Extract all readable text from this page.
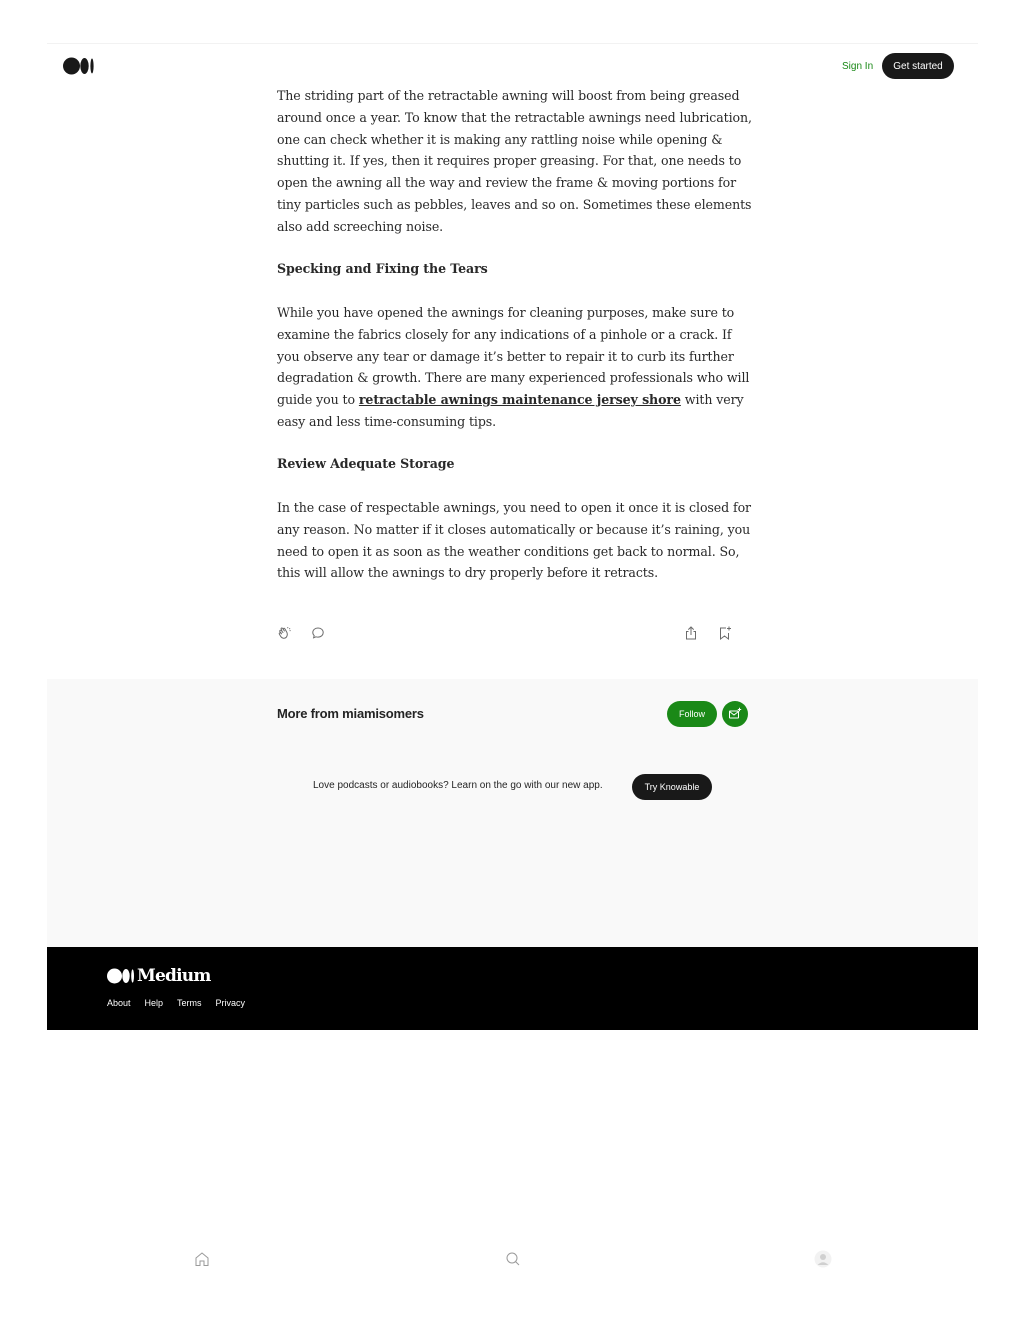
Sign In	Get started

The striding part of the retractable awning will boost from being greased around once a year. To know that the retractable awnings need lubrication, one can check whether it is making any rattling noise while opening & shutting it. If yes, then it requires proper greasing. For that, one needs to open the awning all the way and review the frame & moving portions for tiny particles such as pebbles, leaves and so on. Sometimes these elements also add screeching noise.

Specking and Fixing the Tears

While you have opened the awnings for cleaning purposes, make sure to examine the fabrics closely for any indications of a pinhole or a crack. If you observe any tear or damage it’s better to repair it to curb its further degradation & growth. There are many experienced professionals who will guide you to retractable awnings maintenance jersey shore with very easy and less time-consuming tips.

Review Adequate Storage

In the case of respectable awnings, you need to open it once it is closed for any reason. No matter if it closes automatically or because it’s raining, you need to open it as soon as the weather conditions get back to normal. So, this will allow the awnings to dry properly before it retracts.

More from miamisomers	Follow
Love podcasts or audiobooks? Learn on the go with our new app.	Try Knowable
Medium
About Help Terms Privacy
